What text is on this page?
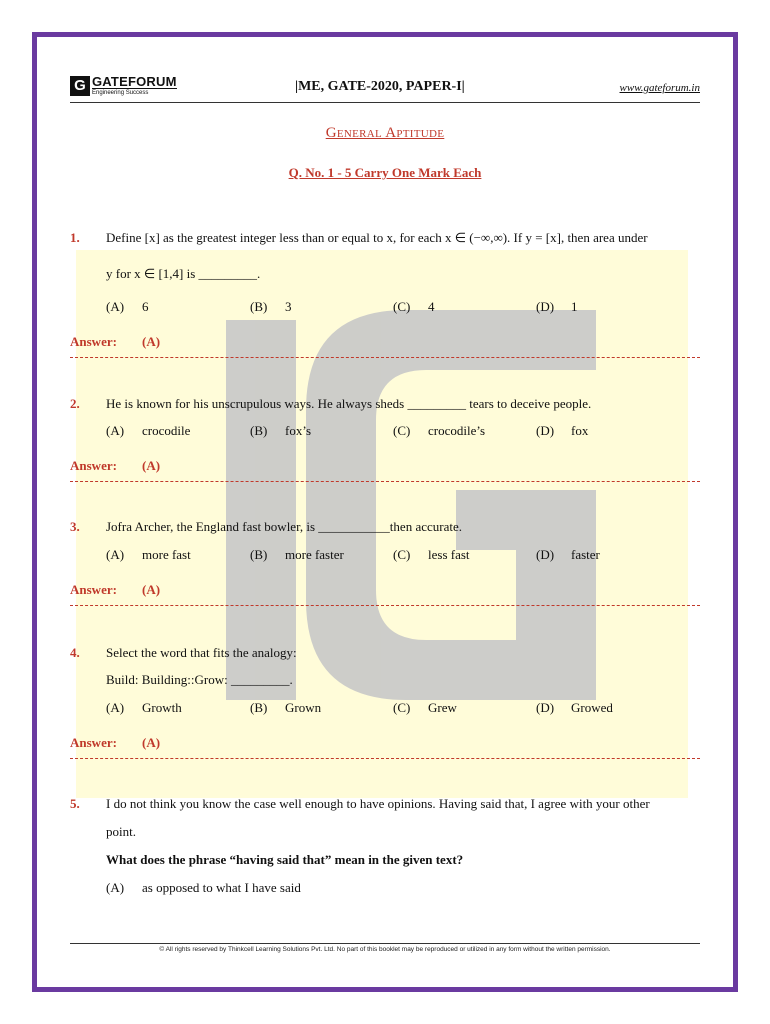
G GATEFORUM
Engineering Success	|ME, GATE-2020, PAPER-I|	www.gateforum.in
General Aptitude
Q. No. 1 - 5 Carry One Mark Each
1. Define [x] as the greatest integer less than or equal to x, for each x ∈ (−∞,∞). If y = [x], then area under
y for x ∈ [1,4] is _________.
(A) 6	(B) 3	(C) 4	(D) 1
Answer: (A)
2. He is known for his unscrupulous ways. He always sheds _________ tears to deceive people.
(A) crocodile	(B) fox’s	(C) crocodile’s	(D) fox
Answer: (A)
3. Jofra Archer, the England fast bowler, is ___________then accurate.
(A) more fast	(B) more faster	(C) less fast	(D) faster
Answer: (A)
4. Select the word that fits the analogy:
Build: Building::Grow: _________.
(A) Growth	(B) Grown	(C) Grew	(D) Growed
Answer: (A)
5. I do not think you know the case well enough to have opinions. Having said that, I agree with your other
point.
What does the phrase “having said that” mean in the given text?
(A) as opposed to what I have said
© All rights reserved by Thinkcell Learning Solutions Pvt. Ltd. No part of this booklet may be reproduced or utilized in any form without the written permission.
